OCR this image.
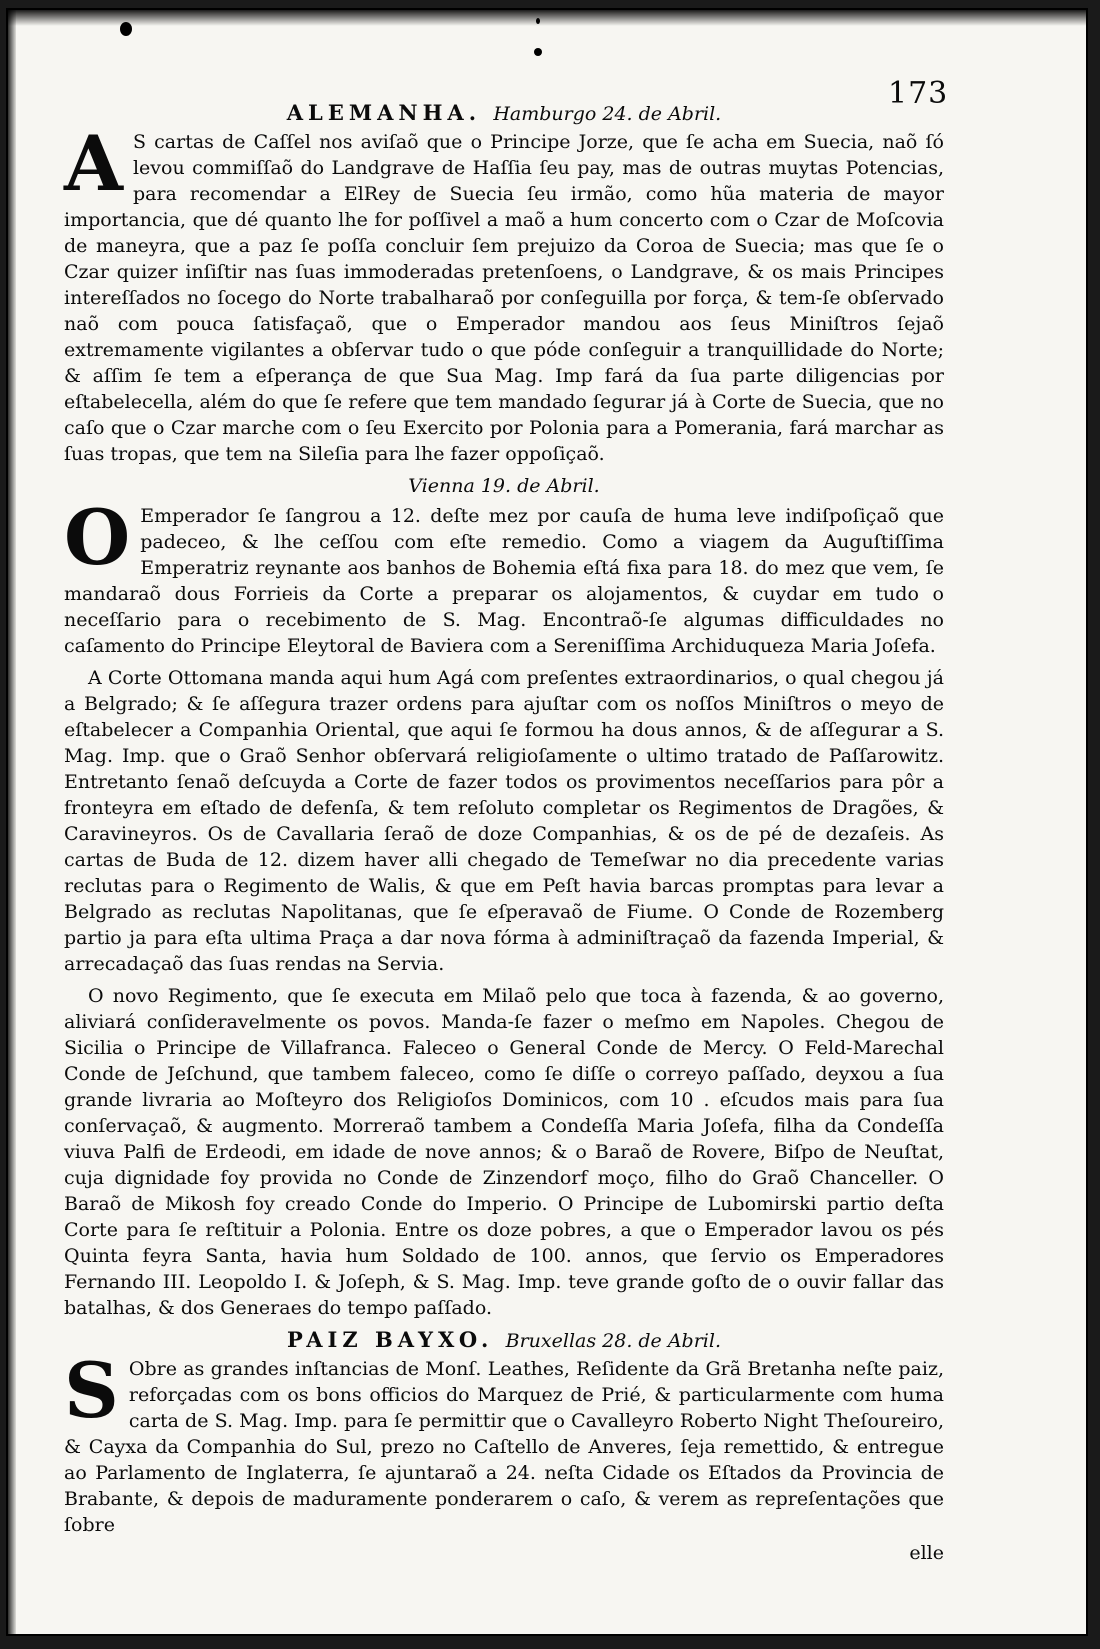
173
ALEMANHA. Hamburgo 24. de Abril.

A S cartas de Caſſel nos aviſaõ que o Principe Jorze, que ſe acha em Suecia, naõ ſó levou commiſſaõ do Landgrave de Haſſia ſeu pay, mas de outras muytas Potencias, para recomendar a ElRey de Suecia ſeu irmão, como hũa materia de mayor importancia, que dé quanto lhe for poſſivel a maõ a hum concerto com o Czar de Moſcovia de maneyra, que a paz ſe poſſa concluir ſem prejuizo da Coroa de Suecia; mas que ſe o Czar quizer inſiſtir nas ſuas immoderadas pretenſoens, o Landgrave, & os mais Principes intereſſados no ſocego do Norte trabalharaõ por conſeguilla por força, & tem-ſe obſervado naõ com pouca ſatisfaçaõ, que o Emperador mandou aos ſeus Miniſtros ſejaõ extremamente vigilantes a obſervar tudo o que póde conſeguir a tranquillidade do Norte; & aſſim ſe tem a eſperança de que Sua Mag. Imp fará da ſua parte diligencias por eſtabelecella, além do que ſe refere que tem mandado ſegurar já à Corte de Suecia, que no caſo que o Czar marche com o ſeu Exercito por Polonia para a Pomerania, fará marchar as ſuas tropas, que tem na Sileſia para lhe fazer oppoſiçaõ.

Vienna 19. de Abril.

O Emperador ſe ſangrou a 12. deſte mez por cauſa de huma leve indiſpoſiçaõ que padeceo, & lhe ceſſou com eſte remedio. Como a viagem da Auguſtiſſima Emperatriz reynante aos banhos de Bohemia eſtá fixa para 18. do mez que vem, ſe mandaraõ dous Forrieis da Corte a preparar os alojamentos, & cuydar em tudo o neceſſario para o recebimento de S. Mag. Encontraõ-ſe algumas difficuldades no caſamento do Principe Eleytoral de Baviera com a Sereniſſima Archiduqueza Maria Joſefa.

A Corte Ottomana manda aqui hum Agá com preſentes extraordinarios, o qual chegou já a Belgrado; & ſe aſſegura trazer ordens para ajuſtar com os noſſos Miniſtros o meyo de eſtabelecer a Companhia Oriental, que aqui ſe formou ha dous annos, & de aſſegurar a S. Mag. Imp. que o Graõ Senhor obſervará religioſamente o ultimo tratado de Paſſarowitz. Entretanto ſenaõ deſcuyda a Corte de fazer todos os provimentos neceſſarios para pôr a fronteyra em eſtado de defenſa, & tem reſoluto completar os Regimentos de Dragões, & Caravineyros. Os de Cavallaria ſeraõ de doze Companhias, & os de pé de dezaſeis. As cartas de Buda de 12. dizem haver alli chegado de Temeſwar no dia precedente varias reclutas para o Regimento de Walis, & que em Peſt havia barcas promptas para levar a Belgrado as reclutas Napolitanas, que ſe eſperavaõ de Fiume. O Conde de Rozemberg partio ja para eſta ultima Praça a dar nova fórma à adminiſtraçaõ da fazenda Imperial, & arrecadaçaõ das ſuas rendas na Servia.

O novo Regimento, que ſe executa em Milaõ pelo que toca à fazenda, & ao governo, aliviará conſideravelmente os povos. Manda-ſe fazer o meſmo em Napoles. Chegou de Sicilia o Principe de Villafranca. Faleceo o General Conde de Mercy. O Feld-Marechal Conde de Jeſchund, que tambem faleceo, como ſe diſſe o correyo paſſado, deyxou a ſua grande livraria ao Moſteyro dos Religioſos Dominicos, com 10 . eſcudos mais para ſua conſervaçaõ, & augmento. Morreraõ tambem a Condeſſa Maria Joſefa, filha da Condeſſa viuva Palfi de Erdeodi, em idade de nove annos; & o Baraõ de Rovere, Biſpo de Neuſtat, cuja dignidade foy provida no Conde de Zinzendorf moço, filho do Graõ Chanceller. O Baraõ de Mikosh foy creado Conde do Imperio. O Principe de Lubomirski partio deſta Corte para ſe reſtituir a Polonia. Entre os doze pobres, a que o Emperador lavou os pés Quinta feyra Santa, havia hum Soldado de 100. annos, que ſervio os Emperadores Fernando III. Leopoldo I. & Joſeph, & S. Mag. Imp. teve grande goſto de o ouvir fallar das batalhas, & dos Generaes do tempo paſſado.

PAIZ BAYXO. Bruxellas 28. de Abril.

S Obre as grandes inſtancias de Monſ. Leathes, Reſidente da Grã Bretanha neſte paiz, reforçadas com os bons officios do Marquez de Prié, & particularmente com huma carta de S. Mag. Imp. para ſe permittir que o Cavalleyro Roberto Night Theſoureiro, & Cayxa da Companhia do Sul, prezo no Caſtello de Anveres, ſeja remettido, & entregue ao Parlamento de Inglaterra, ſe ajuntaraõ a 24. neſta Cidade os Eſtados da Provincia de Brabante, & depois de maduramente ponderarem o caſo, & verem as repreſentações que ſobre

elle
